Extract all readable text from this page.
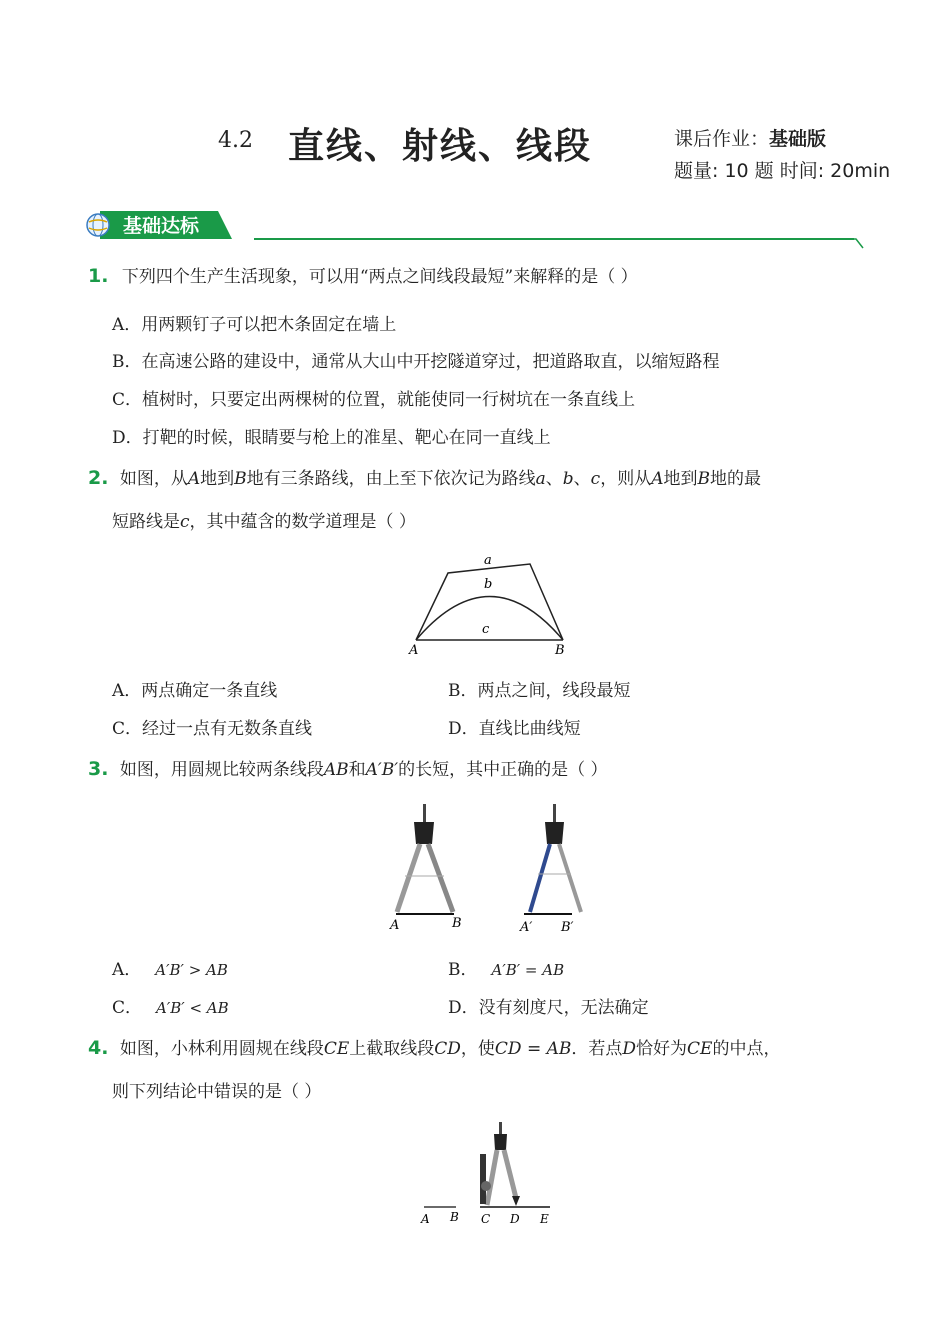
4.2 直线、射线、线段	课后作业：基础版
题量: 10 题 时间: 20min
基础达标
1. 下列四个生产生活现象，可以用“两点之间线段最短”来解释的是（ ）
A．用两颗钉子可以把木条固定在墙上
B．在高速公路的建设中，通常从大山中开挖隧道穿过，把道路取直，以缩短路程
C．植树时，只要定出两棵树的位置，就能使同一行树坑在一条直线上
D．打靶的时候，眼睛要与枪上的准星、靶心在同一直线上
2. 如图，从A地到B地有三条路线，由上至下依次记为路线a、b、c，则从A地到B地的最
短路线是c，其中蕴含的数学道理是（ ）
a
b
c
A	B
A．两点确定一条直线	B．两点之间，线段最短
C．经过一点有无数条直线	D．直线比曲线短
3. 如图，用圆规比较两条线段AB和A′B′的长短，其中正确的是（ ）
A	B	A′ B′
A． A′B′ > AB	B． A′B′ = AB
C． A′B′ < AB	D．没有刻度尺，无法确定
4. 如图，小林利用圆规在线段CE上截取线段CD，使CD = AB．若点D恰好为CE的中点，
则下列结论中错误的是（ ）
A B C D E
